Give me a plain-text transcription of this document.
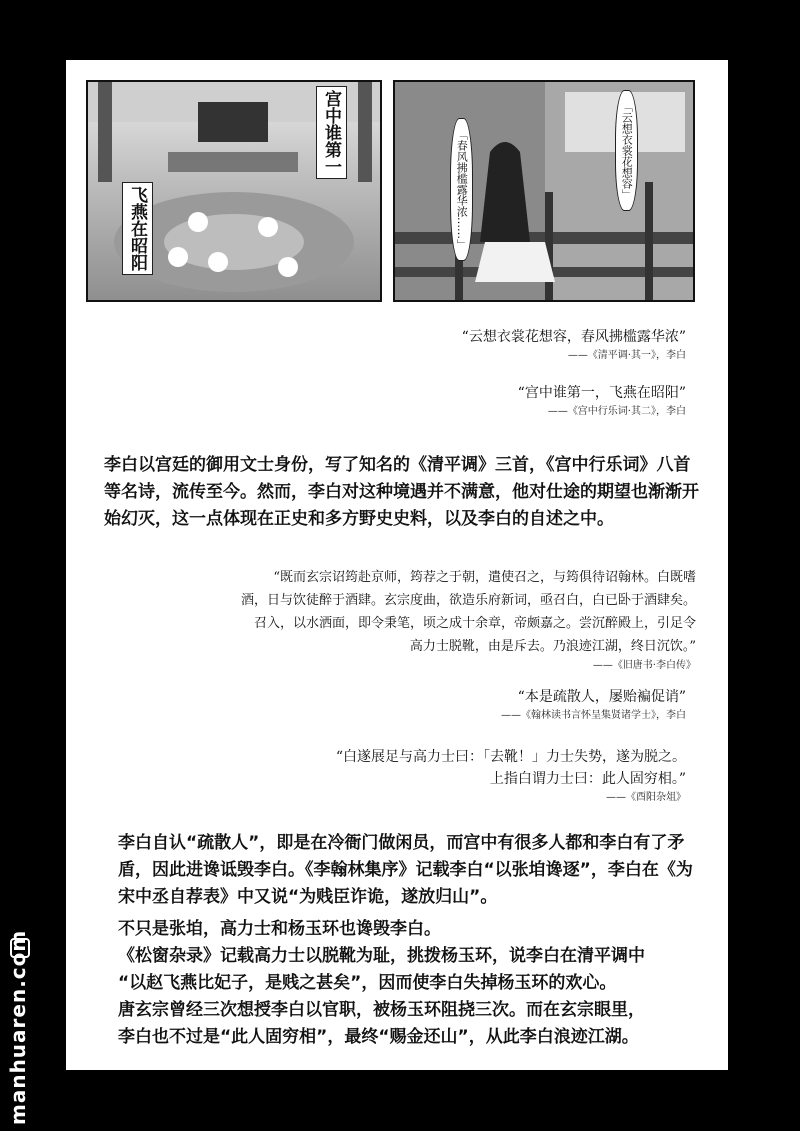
宫中谁第一
飞燕在昭阳
「云想衣裳花想容」
「春风拂槛露华浓……」
“云想衣裳花想容，春风拂槛露华浓”
——《清平调·其一》，李白
“宫中谁第一，飞燕在昭阳”
——《宫中行乐词·其二》，李白
李白以宫廷的御用文士身份，写了知名的《清平调》三首，《宫中行乐词》八首等名诗，流传至今。然而，李白对这种境遇并不满意，他对仕途的期望也渐渐开始幻灭，这一点体现在正史和多方野史史料，以及李白的自述之中。
“既而玄宗诏筠赴京师，筠荐之于朝，遣使召之，与筠俱待诏翰林。白既嗜
酒，日与饮徒醉于酒肆。玄宗度曲，欲造乐府新词，亟召白，白已卧于酒肆矣。
召入，以水洒面，即令秉笔，顷之成十余章，帝颇嘉之。尝沉醉殿上，引足令
高力士脱靴，由是斥去。乃浪迹江湖，终日沉饮。”
——《旧唐书·李白传》
“本是疏散人，屡贻褊促诮”
——《翰林读书言怀呈集贤诸学士》，李白
“白遂展足与高力士曰：「去靴！」力士失势，遂为脱之。
上指白谓力士曰：此人固穷相。”
——《酉阳杂俎》
李白自认“疏散人”，即是在冷衙门做闲员，而宫中有很多人都和李白有了矛盾，因此进谗诋毁李白。《李翰林集序》记载李白“以张垍谗逐”，李白在《为宋中丞自荐表》中又说“为贱臣诈诡，遂放归山”。
不只是张垍，高力士和杨玉环也谗毁李白。
《松窗杂录》记载高力士以脱靴为耻，挑拨杨玉环，说李白在清平调中
“以赵飞燕比妃子，是贱之甚矣”，因而使李白失掉杨玉环的欢心。
唐玄宗曾经三次想授李白以官职，被杨玉环阻挠三次。而在玄宗眼里，
李白也不过是“此人固穷相”，最终“赐金还山”，从此李白浪迹江湖。
manhuaren.com
